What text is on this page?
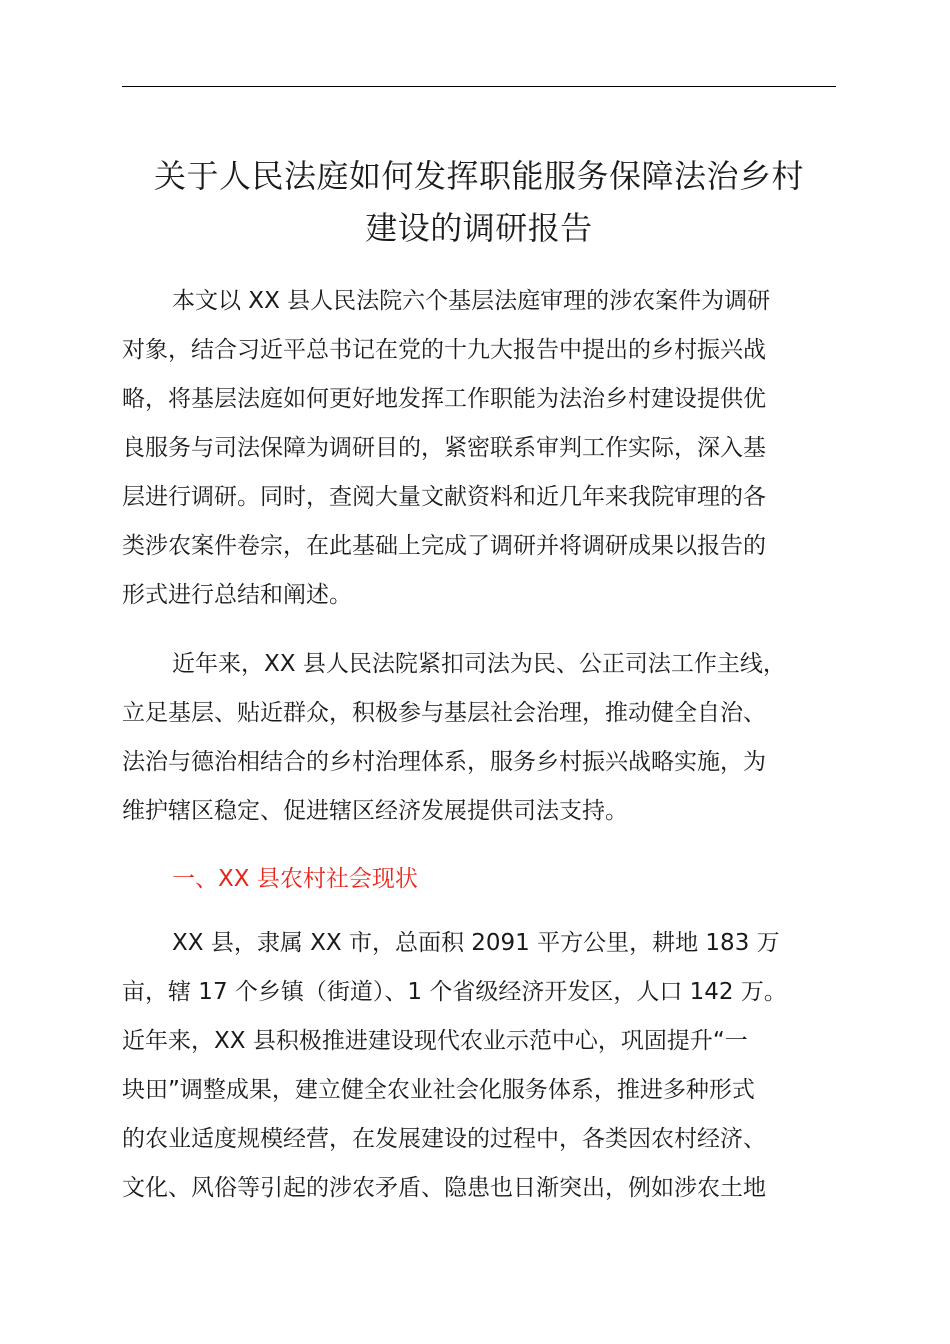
关于人民法庭如何发挥职能服务保障法治乡村
建设的调研报告
本文以 XX 县人民法院六个基层法庭审理的涉农案件为调研
对象，结合习近平总书记在党的十九大报告中提出的乡村振兴战
略，将基层法庭如何更好地发挥工作职能为法治乡村建设提供优
良服务与司法保障为调研目的，紧密联系审判工作实际，深入基
层进行调研。同时，查阅大量文献资料和近几年来我院审理的各
类涉农案件卷宗，在此基础上完成了调研并将调研成果以报告的
形式进行总结和阐述。
近年来，XX 县人民法院紧扣司法为民、公正司法工作主线，
立足基层、贴近群众，积极参与基层社会治理，推动健全自治、
法治与德治相结合的乡村治理体系，服务乡村振兴战略实施，为
维护辖区稳定、促进辖区经济发展提供司法支持。
一、XX 县农村社会现状
XX 县，隶属 XX 市，总面积 2091 平方公里，耕地 183 万
亩，辖 17 个乡镇（街道）、1 个省级经济开发区，人口 142 万。
近年来，XX 县积极推进建设现代农业示范中心，巩固提升“一
块田”调整成果，建立健全农业社会化服务体系，推进多种形式
的农业适度规模经营，在发展建设的过程中，各类因农村经济、
文化、风俗等引起的涉农矛盾、隐患也日渐突出，例如涉农土地
